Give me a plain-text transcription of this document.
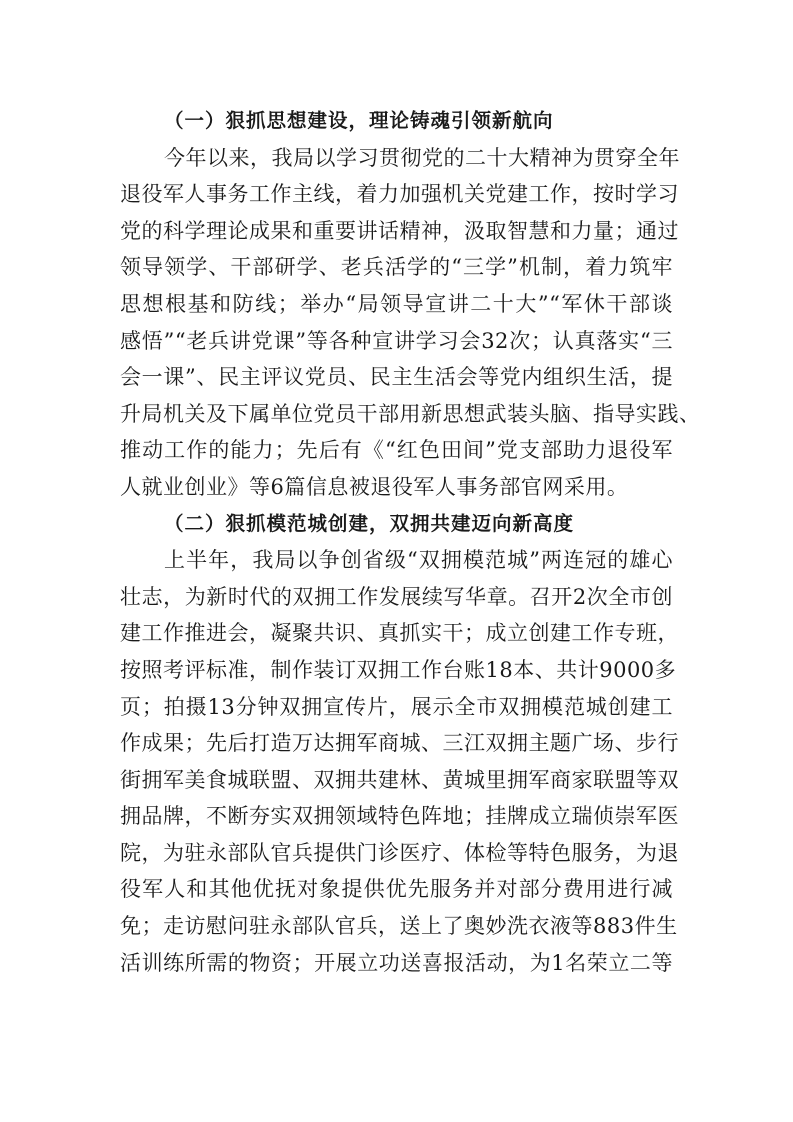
（一）狠抓思想建设，理论铸魂引领新航向
今年以来，我局以学习贯彻党的二十大精神为贯穿全年
退役军人事务工作主线，着力加强机关党建工作，按时学习
党的科学理论成果和重要讲话精神，汲取智慧和力量；通过
领导领学、干部研学、老兵活学的“三学”机制，着力筑牢
思想根基和防线；举办“局领导宣讲二十大”“军休干部谈
感悟”“老兵讲党课”等各种宣讲学习会32次；认真落实“三
会一课”、民主评议党员、民主生活会等党内组织生活，提
升局机关及下属单位党员干部用新思想武装头脑、指导实践、
推动工作的能力；先后有《“红色田间”党支部助力退役军
人就业创业》等6篇信息被退役军人事务部官网采用。
（二）狠抓模范城创建，双拥共建迈向新高度
上半年，我局以争创省级“双拥模范城”两连冠的雄心
壮志，为新时代的双拥工作发展续写华章。召开2次全市创
建工作推进会，凝聚共识、真抓实干；成立创建工作专班，
按照考评标准，制作装订双拥工作台账18本、共计9000多
页；拍摄13分钟双拥宣传片，展示全市双拥模范城创建工
作成果；先后打造万达拥军商城、三江双拥主题广场、步行
街拥军美食城联盟、双拥共建林、黄城里拥军商家联盟等双
拥品牌，不断夯实双拥领域特色阵地；挂牌成立瑞侦崇军医
院，为驻永部队官兵提供门诊医疗、体检等特色服务，为退
役军人和其他优抚对象提供优先服务并对部分费用进行减
免；走访慰问驻永部队官兵，送上了奥妙洗衣液等883件生
活训练所需的物资；开展立功送喜报活动，为1名荣立二等
